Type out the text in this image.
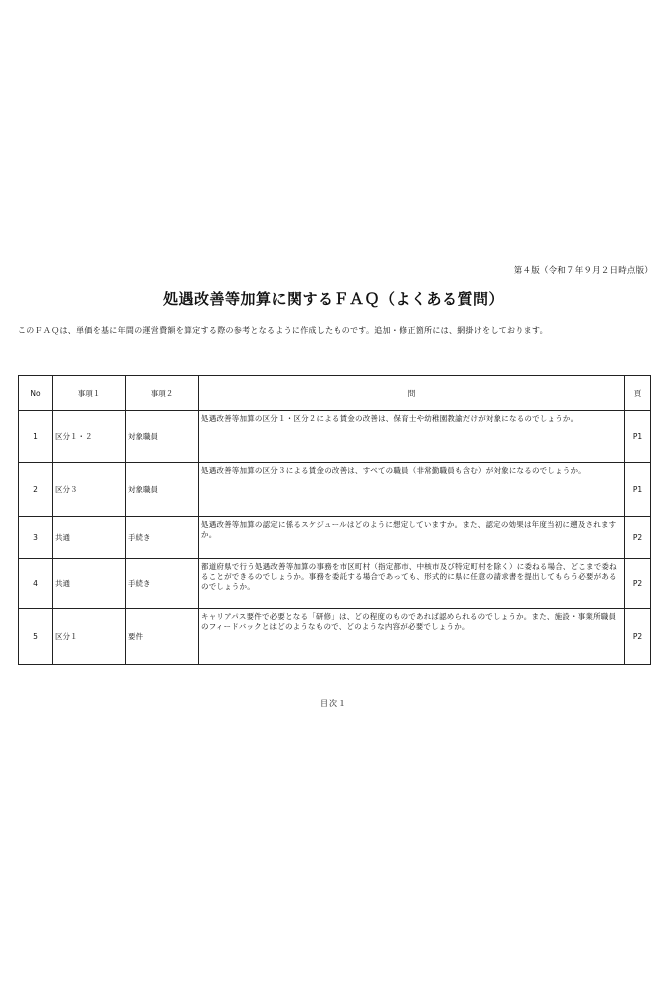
第４版（令和７年９月２日時点版）
処遇改善等加算に関するＦＡＱ（よくある質問）
このＦＡＱは、単価を基に年間の運営費額を算定する際の参考となるように作成したものです。追加・修正箇所には、網掛けをしております。
No	事項１	事項２	問	頁
1	区分１・２	対象職員	処遇改善等加算の区分１・区分２による賃金の改善は、保育士や幼稚園教諭だけが対象になるのでしょうか。	P1
2	区分３	対象職員	処遇改善等加算の区分３による賃金の改善は、すべての職員（非常勤職員も含む）が対象になるのでしょうか。	P1
3	共通	手続き	処遇改善等加算の認定に係るスケジュールはどのように想定していますか。また、認定の効果は年度当初に遡及されますか。	P2
4	共通	手続き	都道府県で行う処遇改善等加算の事務を市区町村（指定都市、中核市及び特定町村を除く）に委ねる場合、どこまで委ねることができるのでしょうか。事務を委託する場合であっても、形式的に県に任意の請求書を提出してもらう必要があるのでしょうか。	P2
5	区分１	要件	キャリアパス要件で必要となる「研修」は、どの程度のものであれば認められるのでしょうか。また、施設・事業所職員のフィードバックとはどのようなもので、どのような内容が必要でしょうか。	P2
目次１
